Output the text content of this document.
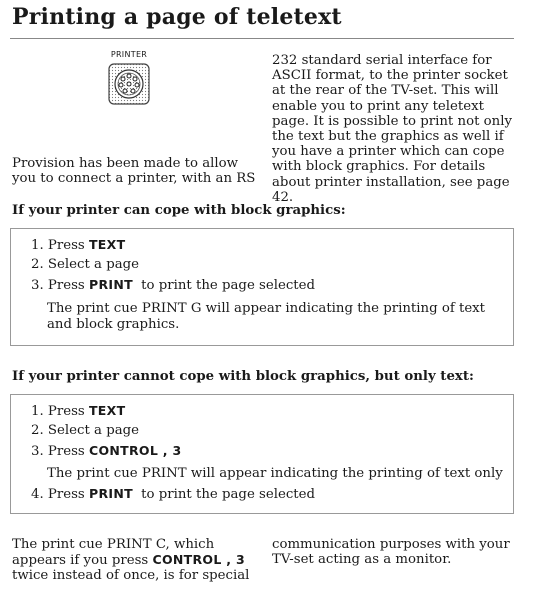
Printing a page of teletext
PRINTER
Provision has been made to allow you to connect a printer, with an RS
232 standard serial interface for ASCII format, to the printer socket at the rear of the TV-set. This will enable you to print any teletext page. It is possible to print not only the text but the graphics as well if you have a printer which can cope with block graphics. For details about printer installation, see page 42.
If your printer can cope with block graphics:
1. Press TEXT
2. Select a page
3. Press PRINT to print the page selected
The print cue PRINT G will appear indicating the printing of text and block graphics.
If your printer cannot cope with block graphics, but only text:
1. Press TEXT
2. Select a page
3. Press CONTROL , 3
The print cue PRINT will appear indicating the printing of text only
4. Press PRINT to print the page selected
The print cue PRINT C, which
appears if you press CONTROL , 3
twice instead of once, is for special
communication purposes with your TV-set acting as a monitor.
